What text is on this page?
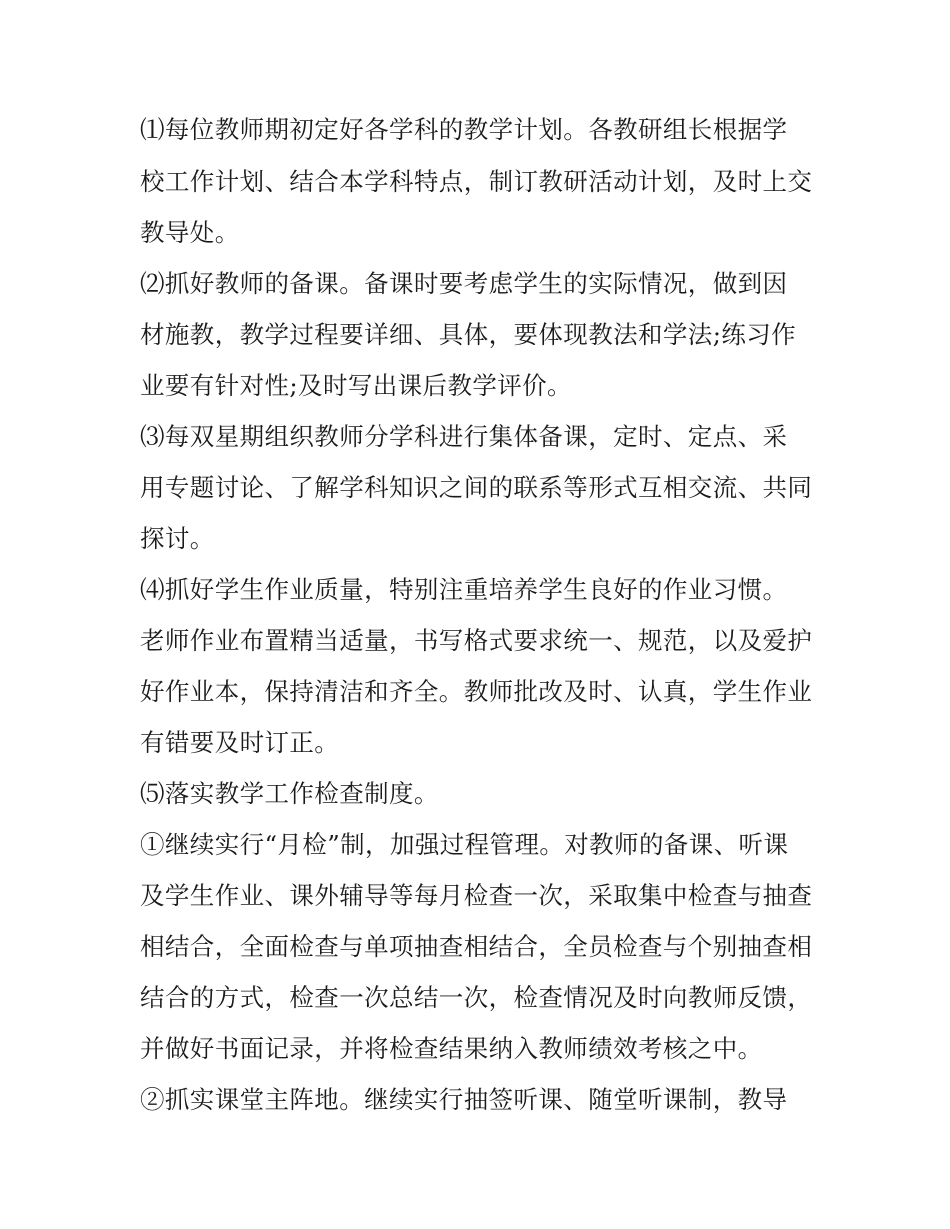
⑴每位教师期初定好各学科的教学计划。各教研组长根据学
校工作计划、结合本学科特点，制订教研活动计划，及时上交
教导处。
⑵抓好教师的备课。备课时要考虑学生的实际情况，做到因
材施教，教学过程要详细、具体，要体现教法和学法;练习作
业要有针对性;及时写出课后教学评价。
⑶每双星期组织教师分学科进行集体备课，定时、定点、采
用专题讨论、了解学科知识之间的联系等形式互相交流、共同
探讨。
⑷抓好学生作业质量，特别注重培养学生良好的作业习惯。
老师作业布置精当适量，书写格式要求统一、规范，以及爱护
好作业本，保持清洁和齐全。教师批改及时、认真，学生作业
有错要及时订正。
⑸落实教学工作检查制度。
①继续实行“月检”制，加强过程管理。对教师的备课、听课
及学生作业、课外辅导等每月检查一次，采取集中检查与抽查
相结合，全面检查与单项抽查相结合，全员检查与个别抽查相
结合的方式，检查一次总结一次，检查情况及时向教师反馈，
并做好书面记录，并将检查结果纳入教师绩效考核之中。
②抓实课堂主阵地。继续实行抽签听课、随堂听课制，教导
